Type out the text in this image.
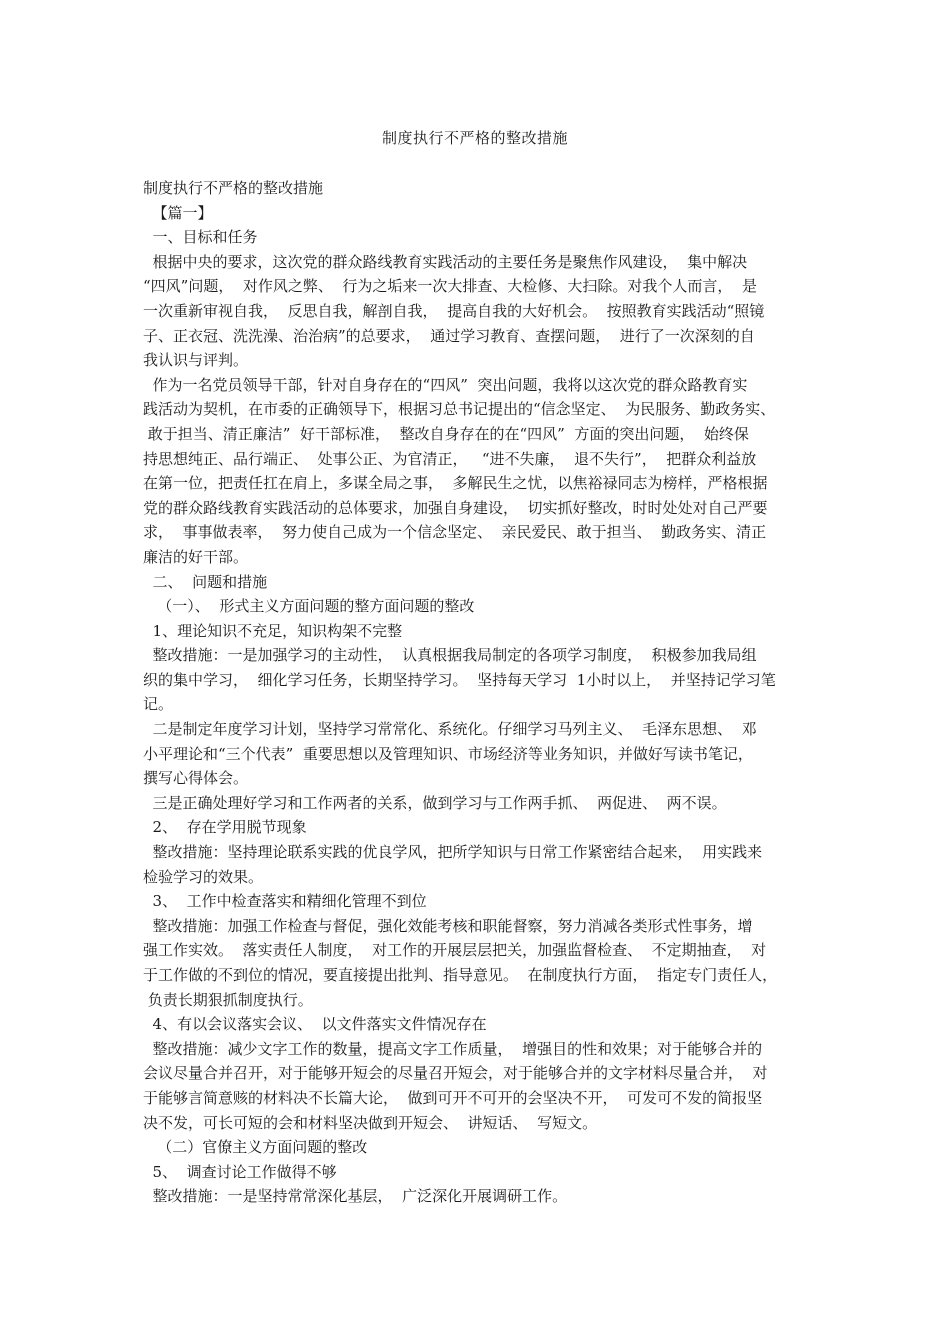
制度执行不严格的整改措施
制度执行不严格的整改措施
【篇一】
一、目标和任务
根据中央的要求，这次党的群众路线教育实践活动的主要任务是聚焦作风建设，  集中解决
“四风”问题，  对作风之弊、  行为之垢来一次大排查、大检修、大扫除。对我个人而言，  是
一次重新审视自我，  反思自我，解剖自我，  提高自我的大好机会。  按照教育实践活动“照镜
子、正衣冠、洗洗澡、治治病”的总要求，  通过学习教育、查摆问题，  进行了一次深刻的自
我认识与评判。
作为一名党员领导干部，针对自身存在的“四风”  突出问题，我将以这次党的群众路教育实
践活动为契机，在市委的正确领导下，根据习总书记提出的“信念坚定、  为民服务、勤政务实、
敢于担当、清正廉洁”  好干部标准，  整改自身存在的在“四风”  方面的突出问题，  始终保
持思想纯正、品行端正、  处事公正、为官清正，   “进不失廉，  退不失行”，  把群众利益放
在第一位，把责任扛在肩上，多谋全局之事，  多解民生之忧，以焦裕禄同志为榜样，严格根据
党的群众路线教育实践活动的总体要求，加强自身建设，  切实抓好整改，时时处处对自己严要
求，  事事做表率，  努力使自己成为一个信念坚定、  亲民爱民、敢于担当、  勤政务实、清正
廉洁的好干部。
二、  问题和措施
（一）、  形式主义方面问题的整方面问题的整改
1、理论知识不充足，知识构架不完整
整改措施：一是加强学习的主动性，  认真根据我局制定的各项学习制度，  积极参加我局组
织的集中学习，  细化学习任务，长期坚持学习。  坚持每天学习  1小时以上，  并坚持记学习笔
记。
二是制定年度学习计划，坚持学习常常化、系统化。仔细学习马列主义、  毛泽东思想、  邓
小平理论和“三个代表”  重要思想以及管理知识、市场经济等业务知识，并做好写读书笔记，
撰写心得体会。
三是正确处理好学习和工作两者的关系，做到学习与工作两手抓、  两促进、  两不误。
2、  存在学用脱节现象
整改措施：坚持理论联系实践的优良学风，把所学知识与日常工作紧密结合起来，  用实践来
检验学习的效果。
3、  工作中检查落实和精细化管理不到位
整改措施：加强工作检查与督促，强化效能考核和职能督察，努力消减各类形式性事务，增
强工作实效。  落实责任人制度，  对工作的开展层层把关，加强监督检查、  不定期抽查，  对
于工作做的不到位的情况，要直接提出批判、指导意见。  在制度执行方面，  指定专门责任人，
负责长期狠抓制度执行。
4、有以会议落实会议、  以文件落实文件情况存在
整改措施：减少文字工作的数量，提高文字工作质量，  增强目的性和效果；对于能够合并的
会议尽量合并召开，对于能够开短会的尽量召开短会，对于能够合并的文字材料尽量合并，  对
于能够言简意赅的材料决不长篇大论，  做到可开不可开的会坚决不开，  可发可不发的简报坚
决不发，可长可短的会和材料坚决做到开短会、  讲短话、  写短文。
（二）官僚主义方面问题的整改
5、  调查讨论工作做得不够
整改措施：一是坚持常常深化基层，  广泛深化开展调研工作。
